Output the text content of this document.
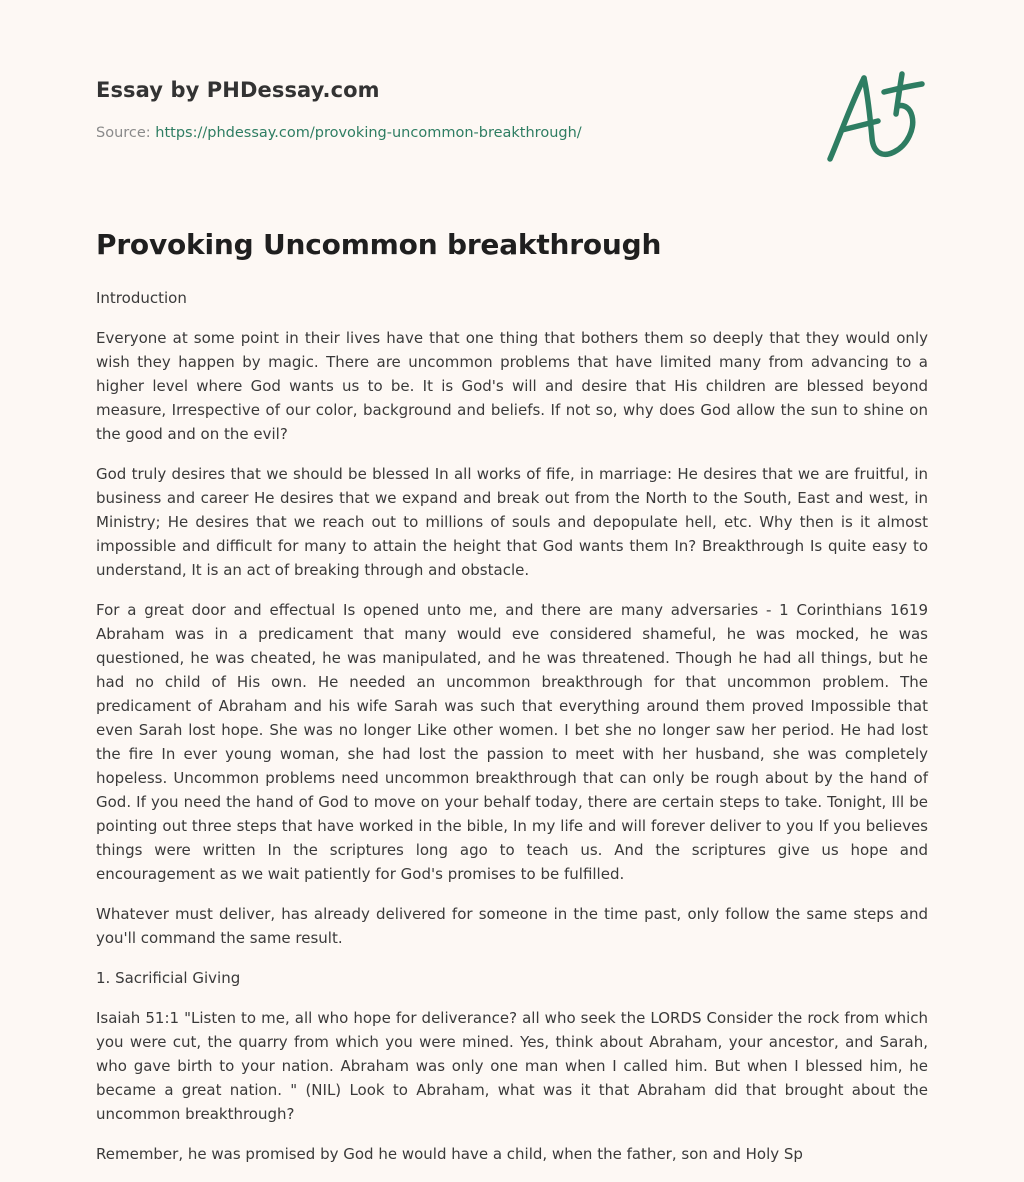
Essay by PHDessay.com
Source: https://phdessay.com/provoking-uncommon-breakthrough/
Provoking Uncommon breakthrough

Introduction

Everyone at some point in their lives have that one thing that bothers them so deeply that they would only wish they happen by magic. There are uncommon problems that have limited many from advancing to a higher level where God wants us to be. It is God's will and desire that His children are blessed beyond measure, Irrespective of our color, background and beliefs. If not so, why does God allow the sun to shine on the good and on the evil?

God truly desires that we should be blessed In all works of fife, in marriage: He desires that we are fruitful, in business and career He desires that we expand and break out from the North to the South, East and west, in Ministry; He desires that we reach out to millions of souls and depopulate hell, etc. Why then is it almost impossible and difficult for many to attain the height that God wants them In? Breakthrough Is quite easy to understand, It is an act of breaking through and obstacle.

For a great door and effectual Is opened unto me, and there are many adversaries - 1 Corinthians 1619 Abraham was in a predicament that many would eve considered shameful, he was mocked, he was questioned, he was cheated, he was manipulated, and he was threatened. Though he had all things, but he had no child of His own. He needed an uncommon breakthrough for that uncommon problem. The predicament of Abraham and his wife Sarah was such that everything around them proved Impossible that even Sarah lost hope. She was no longer Like other women. I bet she no longer saw her period. He had lost the fire In ever young woman, she had lost the passion to meet with her husband, she was completely hopeless. Uncommon problems need uncommon breakthrough that can only be rough about by the hand of God. If you need the hand of God to move on your behalf today, there are certain steps to take. Tonight, Ill be pointing out three steps that have worked in the bible, In my life and will forever deliver to you If you believes things were written In the scriptures long ago to teach us. And the scriptures give us hope and encouragement as we wait patiently for God's promises to be fulfilled.

Whatever must deliver, has already delivered for someone in the time past, only follow the same steps and you'll command the same result.

1. Sacrificial Giving

Isaiah 51:1 "Listen to me, all who hope for deliverance? all who seek the LORDS Consider the rock from which you were cut, the quarry from which you were mined. Yes, think about Abraham, your ancestor, and Sarah, who gave birth to your nation. Abraham was only one man when I called him. But when I blessed him, he became a great nation. " (NIL) Look to Abraham, what was it that Abraham did that brought about the uncommon breakthrough?

Remember, he was promised by God he would have a child, when the father, son and Holy Sp
